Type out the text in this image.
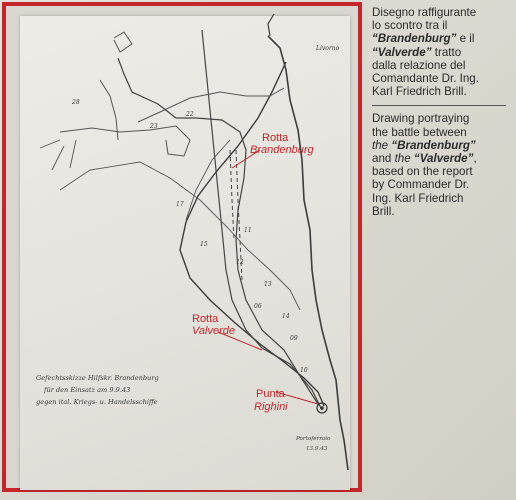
23
22
28
12
13
14
15
06
09
10
17
11
Gefechtsskizze Hilfskr. Brandenburg
für den Einsatz am 9.9.43
gegen ital. Kriegs- u. Handelsschiffe
Portoferraio
13.9.43
Livorno
Rotta
Brandenburg
Rotta
Valverde
Punta
Righini

Disegno raffigurante

lo scontro tra il

“Brandenburg” e il

“Valverde” tratto

dalla relazione del

Comandante Dr. Ing.

Karl Friedrich Brill.

Drawing portraying

the battle between

the “Brandenburg”

and the “Valverde”,

based on the report

by Commander Dr.

Ing. Karl Friedrich

Brill.
